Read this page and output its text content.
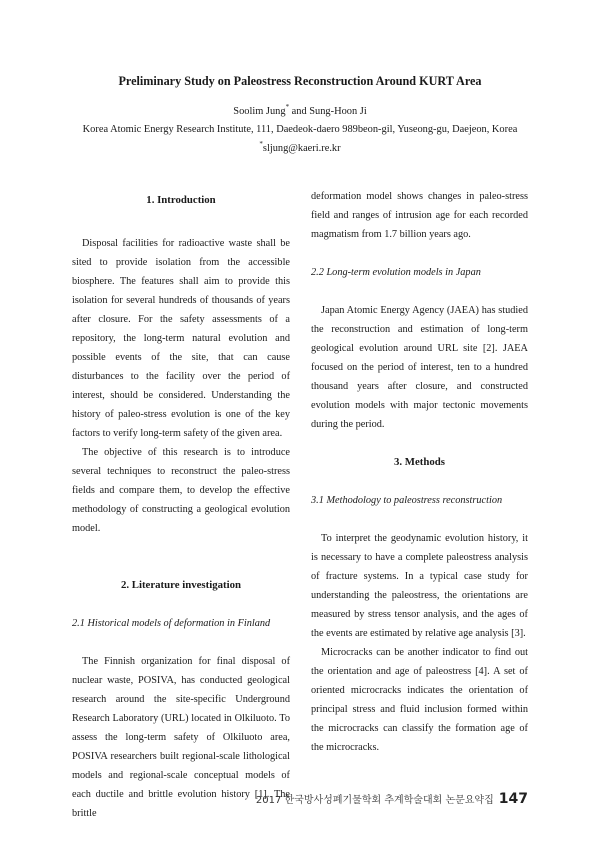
Preliminary Study on Paleostress Reconstruction Around KURT Area
Soolim Jung* and Sung-Hoon Ji
Korea Atomic Energy Research Institute, 111, Daedeok-daero 989beon-gil, Yuseong-gu, Daejeon, Korea
*sljung@kaeri.re.kr

1. Introduction

Disposal facilities for radioactive waste shall be sited to provide isolation from the accessible biosphere. The features shall aim to provide this isolation for several hundreds of thousands of years after closure. For the safety assessments of a repository, the long-term natural evolution and possible events of the site, that can cause disturbances to the facility over the period of interest, should be considered. Understanding the history of paleo-stress evolution is one of the key factors to verify long-term safety of the given area.

The objective of this research is to introduce several techniques to reconstruct the paleo-stress fields and compare them, to develop the effective methodology of constructing a geological evolution model.

2. Literature investigation

2.1 Historical models of deformation in Finland

The Finnish organization for final disposal of nuclear waste, POSIVA, has conducted geological research around the site-specific Underground Research Laboratory (URL) located in Olkiluoto. To assess the long-term safety of Olkiluoto area, POSIVA researchers built regional-scale lithological models and regional-scale conceptual models of each ductile and brittle evolution history [1]. The brittle

deformation model shows changes in paleo-stress field and ranges of intrusion age for each recorded magmatism from 1.7 billion years ago.

2.2 Long-term evolution models in Japan

Japan Atomic Energy Agency (JAEA) has studied the reconstruction and estimation of long-term geological evolution around URL site [2]. JAEA focused on the period of interest, ten to a hundred thousand years after closure, and constructed evolution models with major tectonic movements during the period.

3. Methods

3.1 Methodology to paleostress reconstruction

To interpret the geodynamic evolution history, it is necessary to have a complete paleostress analysis of fracture systems. In a typical case study for understanding the paleostress, the orientations are measured by stress tensor analysis, and the ages of the events are estimated by relative age analysis [3].

Microcracks can be another indicator to find out the orientation and age of paleostress [4]. A set of oriented microcracks indicates the orientation of principal stress and fluid inclusion formed within the microcracks can classify the formation age of the microcracks.

2017 한국방사성폐기물학회 추계학술대회 논문요약집 147
